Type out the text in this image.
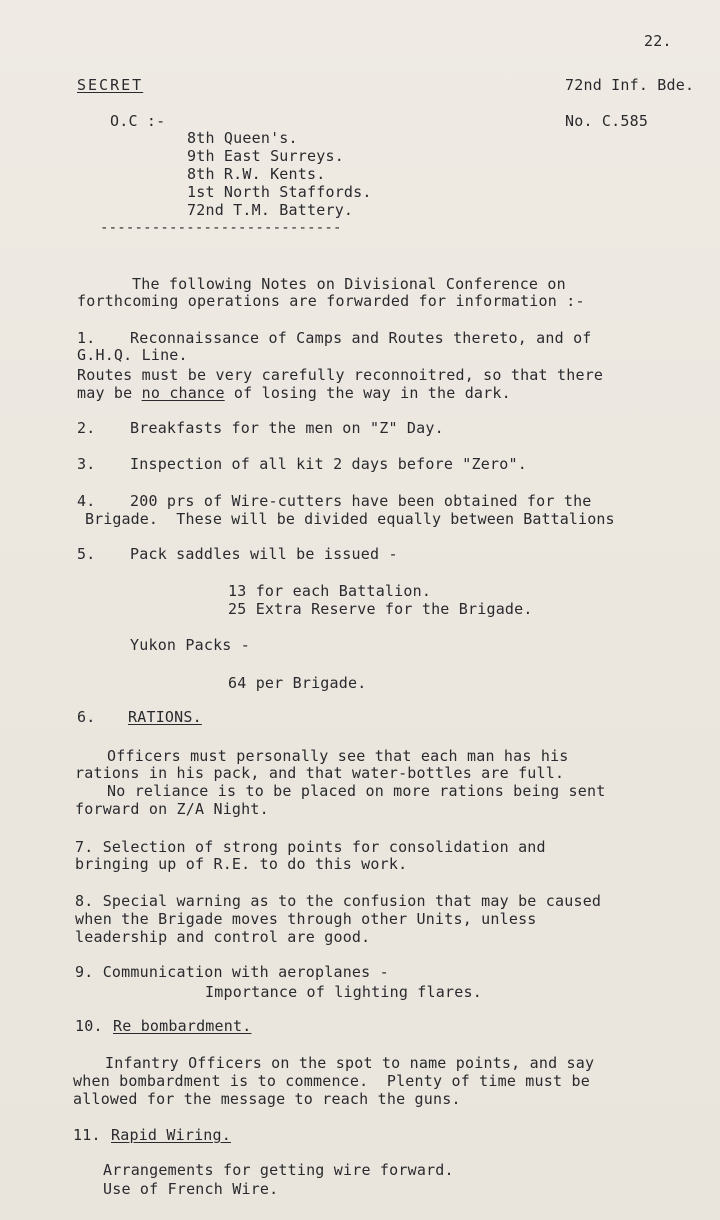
22.
SECRET	72nd Inf. Bde.
O.C :-	No. C.585
8th Queen's.
9th East Surreys.
8th R.W. Kents.
1st North Staffords.
72nd T.M. Battery.
----------------------------
The following Notes on Divisional Conference on
forthcoming operations are forwarded for information :-
1. Reconnaissance of Camps and Routes thereto, and of
G.H.Q. Line.
Routes must be very carefully reconnoitred, so that there
may be no chance of losing the way in the dark.
2. Breakfasts for the men on "Z" Day.
3. Inspection of all kit 2 days before "Zero".
4. 200 prs of Wire-cutters have been obtained for the
Brigade.  These will be divided equally between Battalions
5. Pack saddles will be issued -
13 for each Battalion.
25 Extra Reserve for the Brigade.
Yukon Packs -
64 per Brigade.
6. RATIONS.
Officers must personally see that each man has his
rations in his pack, and that water-bottles are full.
No reliance is to be placed on more rations being sent
forward on Z/A Night.
7. Selection of strong points for consolidation and
bringing up of R.E. to do this work.
8. Special warning as to the confusion that may be caused
when the Brigade moves through other Units, unless
leadership and control are good.
9. Communication with aeroplanes -
Importance of lighting flares.
10. Re bombardment.
Infantry Officers on the spot to name points, and say
when bombardment is to commence.  Plenty of time must be
allowed for the message to reach the guns.
11. Rapid Wiring.
Arrangements for getting wire forward.
Use of French Wire.
